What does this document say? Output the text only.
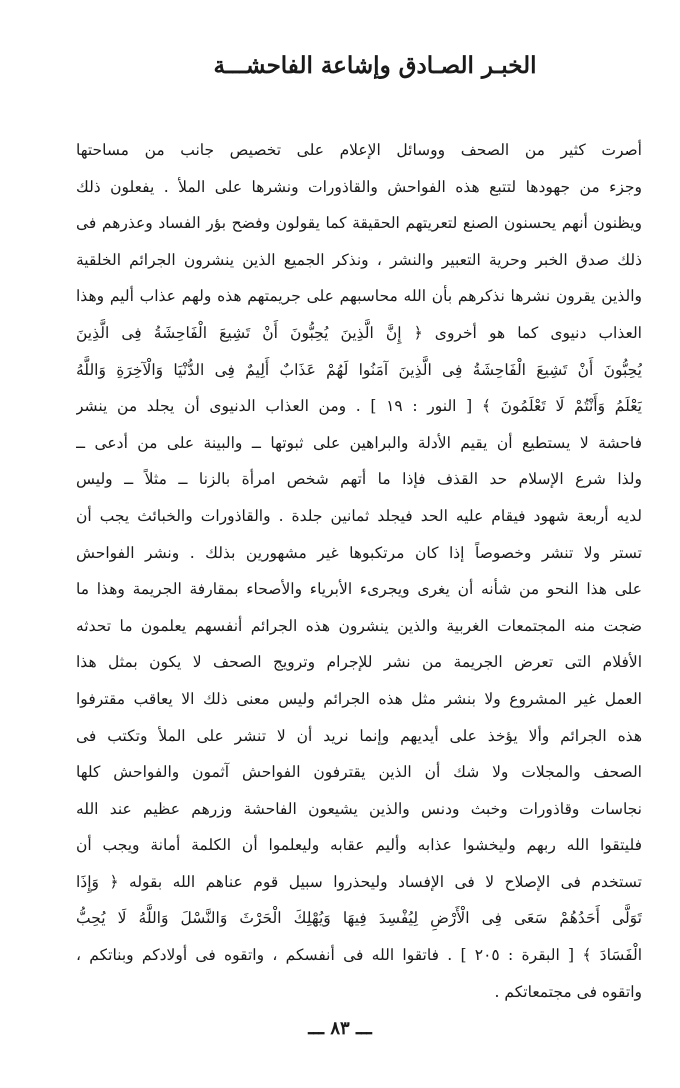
الخبـر الصـادق وإشاعة الفاحشـــة
أصرت كثير من الصحف ووسائل الإعلام على تخصيص جانب من مساحتها
وجزء من جهودها لتتبع هذه الفواحش والقاذورات ونشرها على الملأ . يفعلون ذلك
ويظنون أنهم يحسنون الصنع لتعريتهم الحقيقة كما يقولون وفضح بؤر الفساد وعذرهم فى
ذلك صدق الخبر وحرية التعبير والنشر ، ونذكر الجميع الذين ينشرون الجرائم الخلقية
والذين يقرون نشرها نذكرهم بأن الله محاسبهم على جريمتهم هذه ولهم عذاب أليم وهذا
العذاب دنيوى كما هو أخروى ﴿ إِنَّ الَّذِينَ يُحِبُّونَ أَنْ تَشِيعَ الْفَاحِشَةُ فِى الَّذِينَ
يُحِبُّونَ أَنْ تَشِيعَ الْفَاحِشَةُ فِى الَّذِينَ آمَنُوا لَهُمْ عَذَابٌ أَلِيمٌ فِى الدُّنْيَا وَالْآخِرَةِ وَاللَّهُ
يَعْلَمُ وَأَنْتُمْ لَا تَعْلَمُونَ ﴾ [ النور : ١٩ ] . ومن العذاب الدنيوى أن يجلد من ينشر
فاحشة لا يستطيع أن يقيم الأدلة والبراهين على ثبوتها ــ والبينة على من أدعى ــ
ولذا شرع الإسلام حد القذف فإذا ما أتهم شخص امرأة بالزنا ــ مثلاً ــ وليس
لديه أربعة شهود فيقام عليه الحد فيجلد ثمانين جلدة . والقاذورات والخبائث يجب أن
تستر ولا تنشر وخصوصاً إذا كان مرتكبوها غير مشهورين بذلك . ونشر الفواحش
على هذا النحو من شأنه أن يغرى ويجرىء الأبرياء والأصحاء بمقارفة الجريمة وهذا ما
ضجت منه المجتمعات الغربية والذين ينشرون هذه الجرائم أنفسهم يعلمون ما تحدثه
الأفلام التى تعرض الجريمة من نشر للإجرام وترويج الصحف لا يكون بمثل هذا
العمل غير المشروع ولا بنشر مثل هذه الجرائم وليس معنى ذلك الا يعاقب مقترفوا
هذه الجرائم وألا يؤخذ على أيديهم وإنما نريد أن لا تنشر على الملأ وتكتب فى
الصحف والمجلات ولا شك أن الذين يقترفون الفواحش آثمون والفواحش كلها
نجاسات وقاذورات وخبث ودنس والذين يشيعون الفاحشة وزرهم عظيم عند الله
فليتقوا الله ربهم وليخشوا عذابه وأليم عقابه وليعلموا أن الكلمة أمانة ويجب أن
تستخدم فى الإصلاح لا فى الإفساد وليحذروا سبيل قوم عناهم الله بقوله ﴿ وَإِذَا
تَوَلَّى أَحَدُهُمْ سَعَى فِى الْأَرْضِ لِيُفْسِدَ فِيهَا وَيُهْلِكَ الْحَرْثَ وَالنَّسْلَ وَاللَّهُ لَا يُحِبُّ
الْفَسَادَ ﴾ [ البقرة : ٢٠٥ ] . فاتقوا الله فى أنفسكم ، واتقوه فى أولادكم وبناتكم ،
واتقوه فى مجتمعاتكم .
ـــ ٨٣ ـــ
